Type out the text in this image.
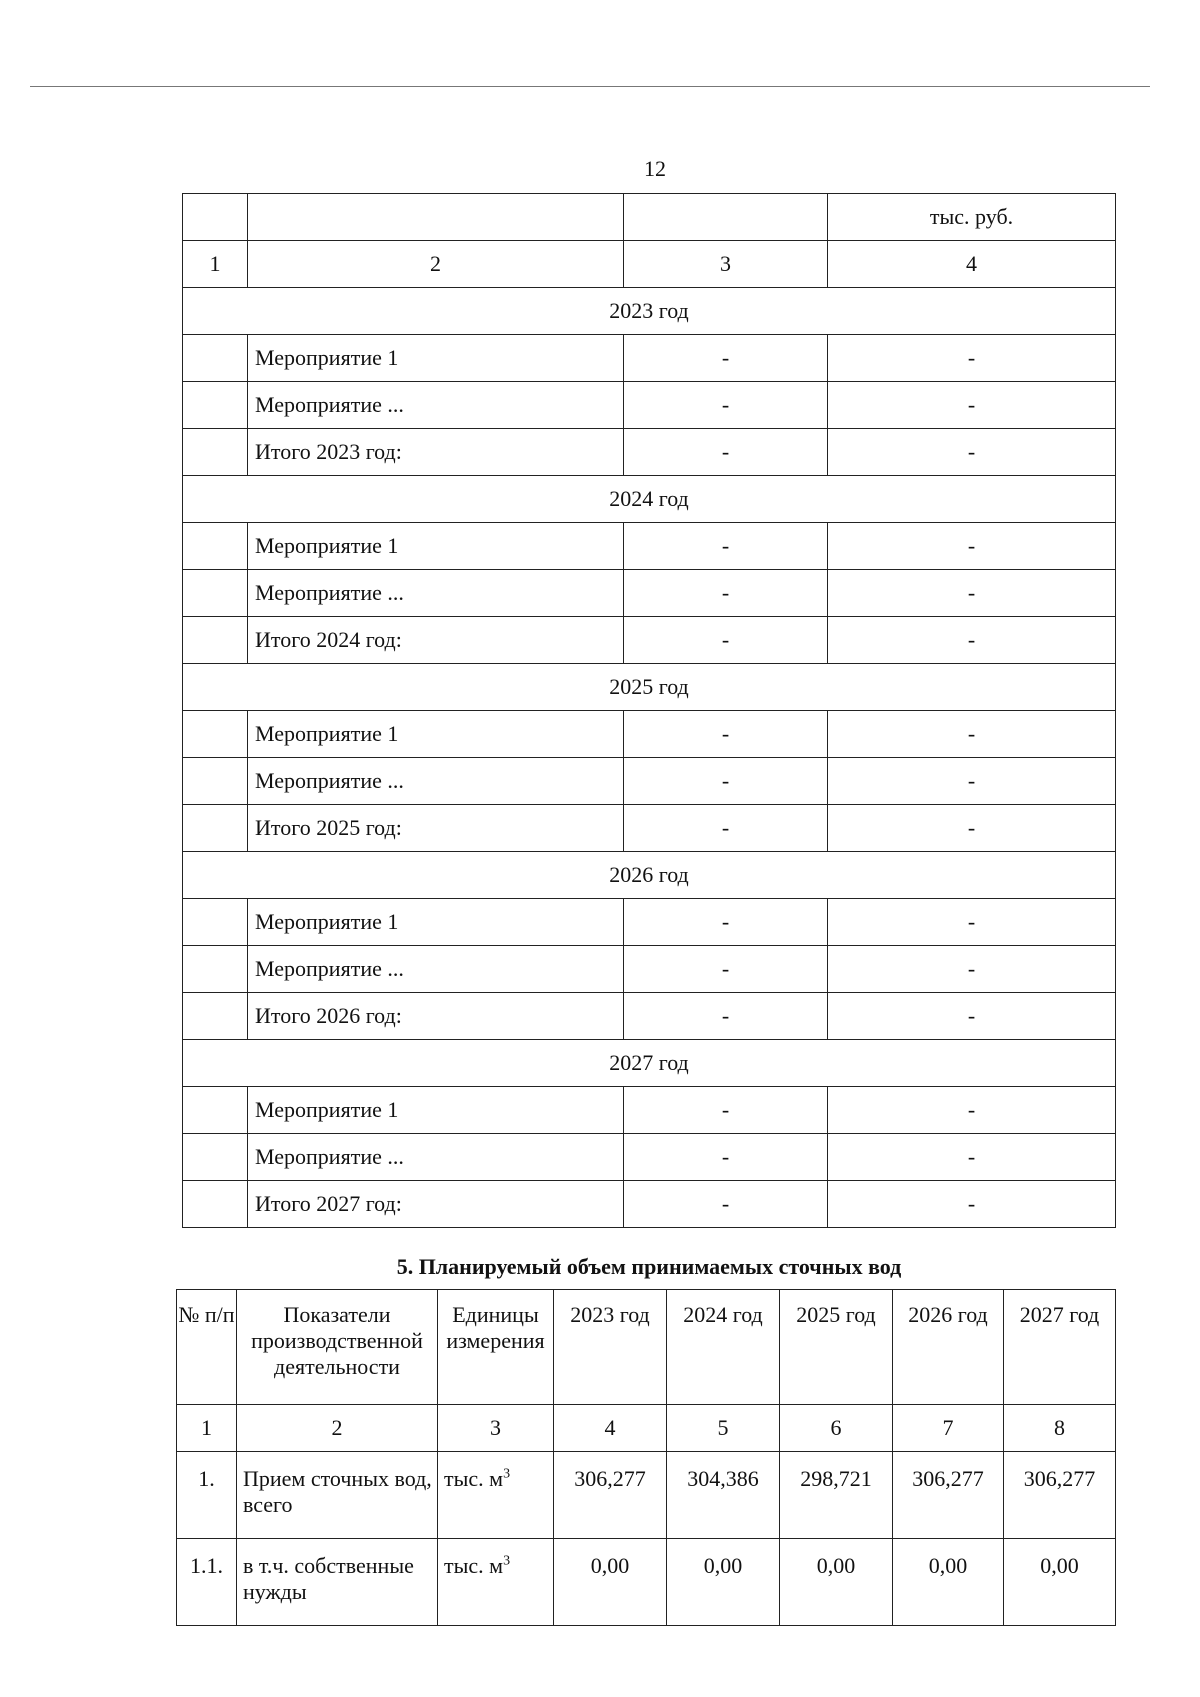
12
			тыс. руб.
1	2	3	4
2023 год			
	Мероприятие 1	-	-
	Мероприятие ...	-	-
	Итого 2023 год:	-	-
2024 год			
	Мероприятие 1	-	-
	Мероприятие ...	-	-
	Итого 2024 год:	-	-
2025 год			
	Мероприятие 1	-	-
	Мероприятие ...	-	-
	Итого 2025 год:	-	-
2026 год			
	Мероприятие 1	-	-
	Мероприятие ...	-	-
	Итого 2026 год:	-	-
2027 год			
	Мероприятие 1	-	-
	Мероприятие ...	-	-
	Итого 2027 год:	-	-
5. Планируемый объем принимаемых сточных вод
№ п/п	Показатели производственной деятельности	Единицы измерения	2023 год	2024 год	2025 год	2026 год	2027 год
1	2	3	4	5	6	7	8
1.	Прием сточных вод, всего	тыс. $м^3$	306,277	304,386	298,721	306,277	306,277
1.1.	в т.ч. собственные нужды	тыс. $м^3$	0,00	0,00	0,00	0,00	0,00
